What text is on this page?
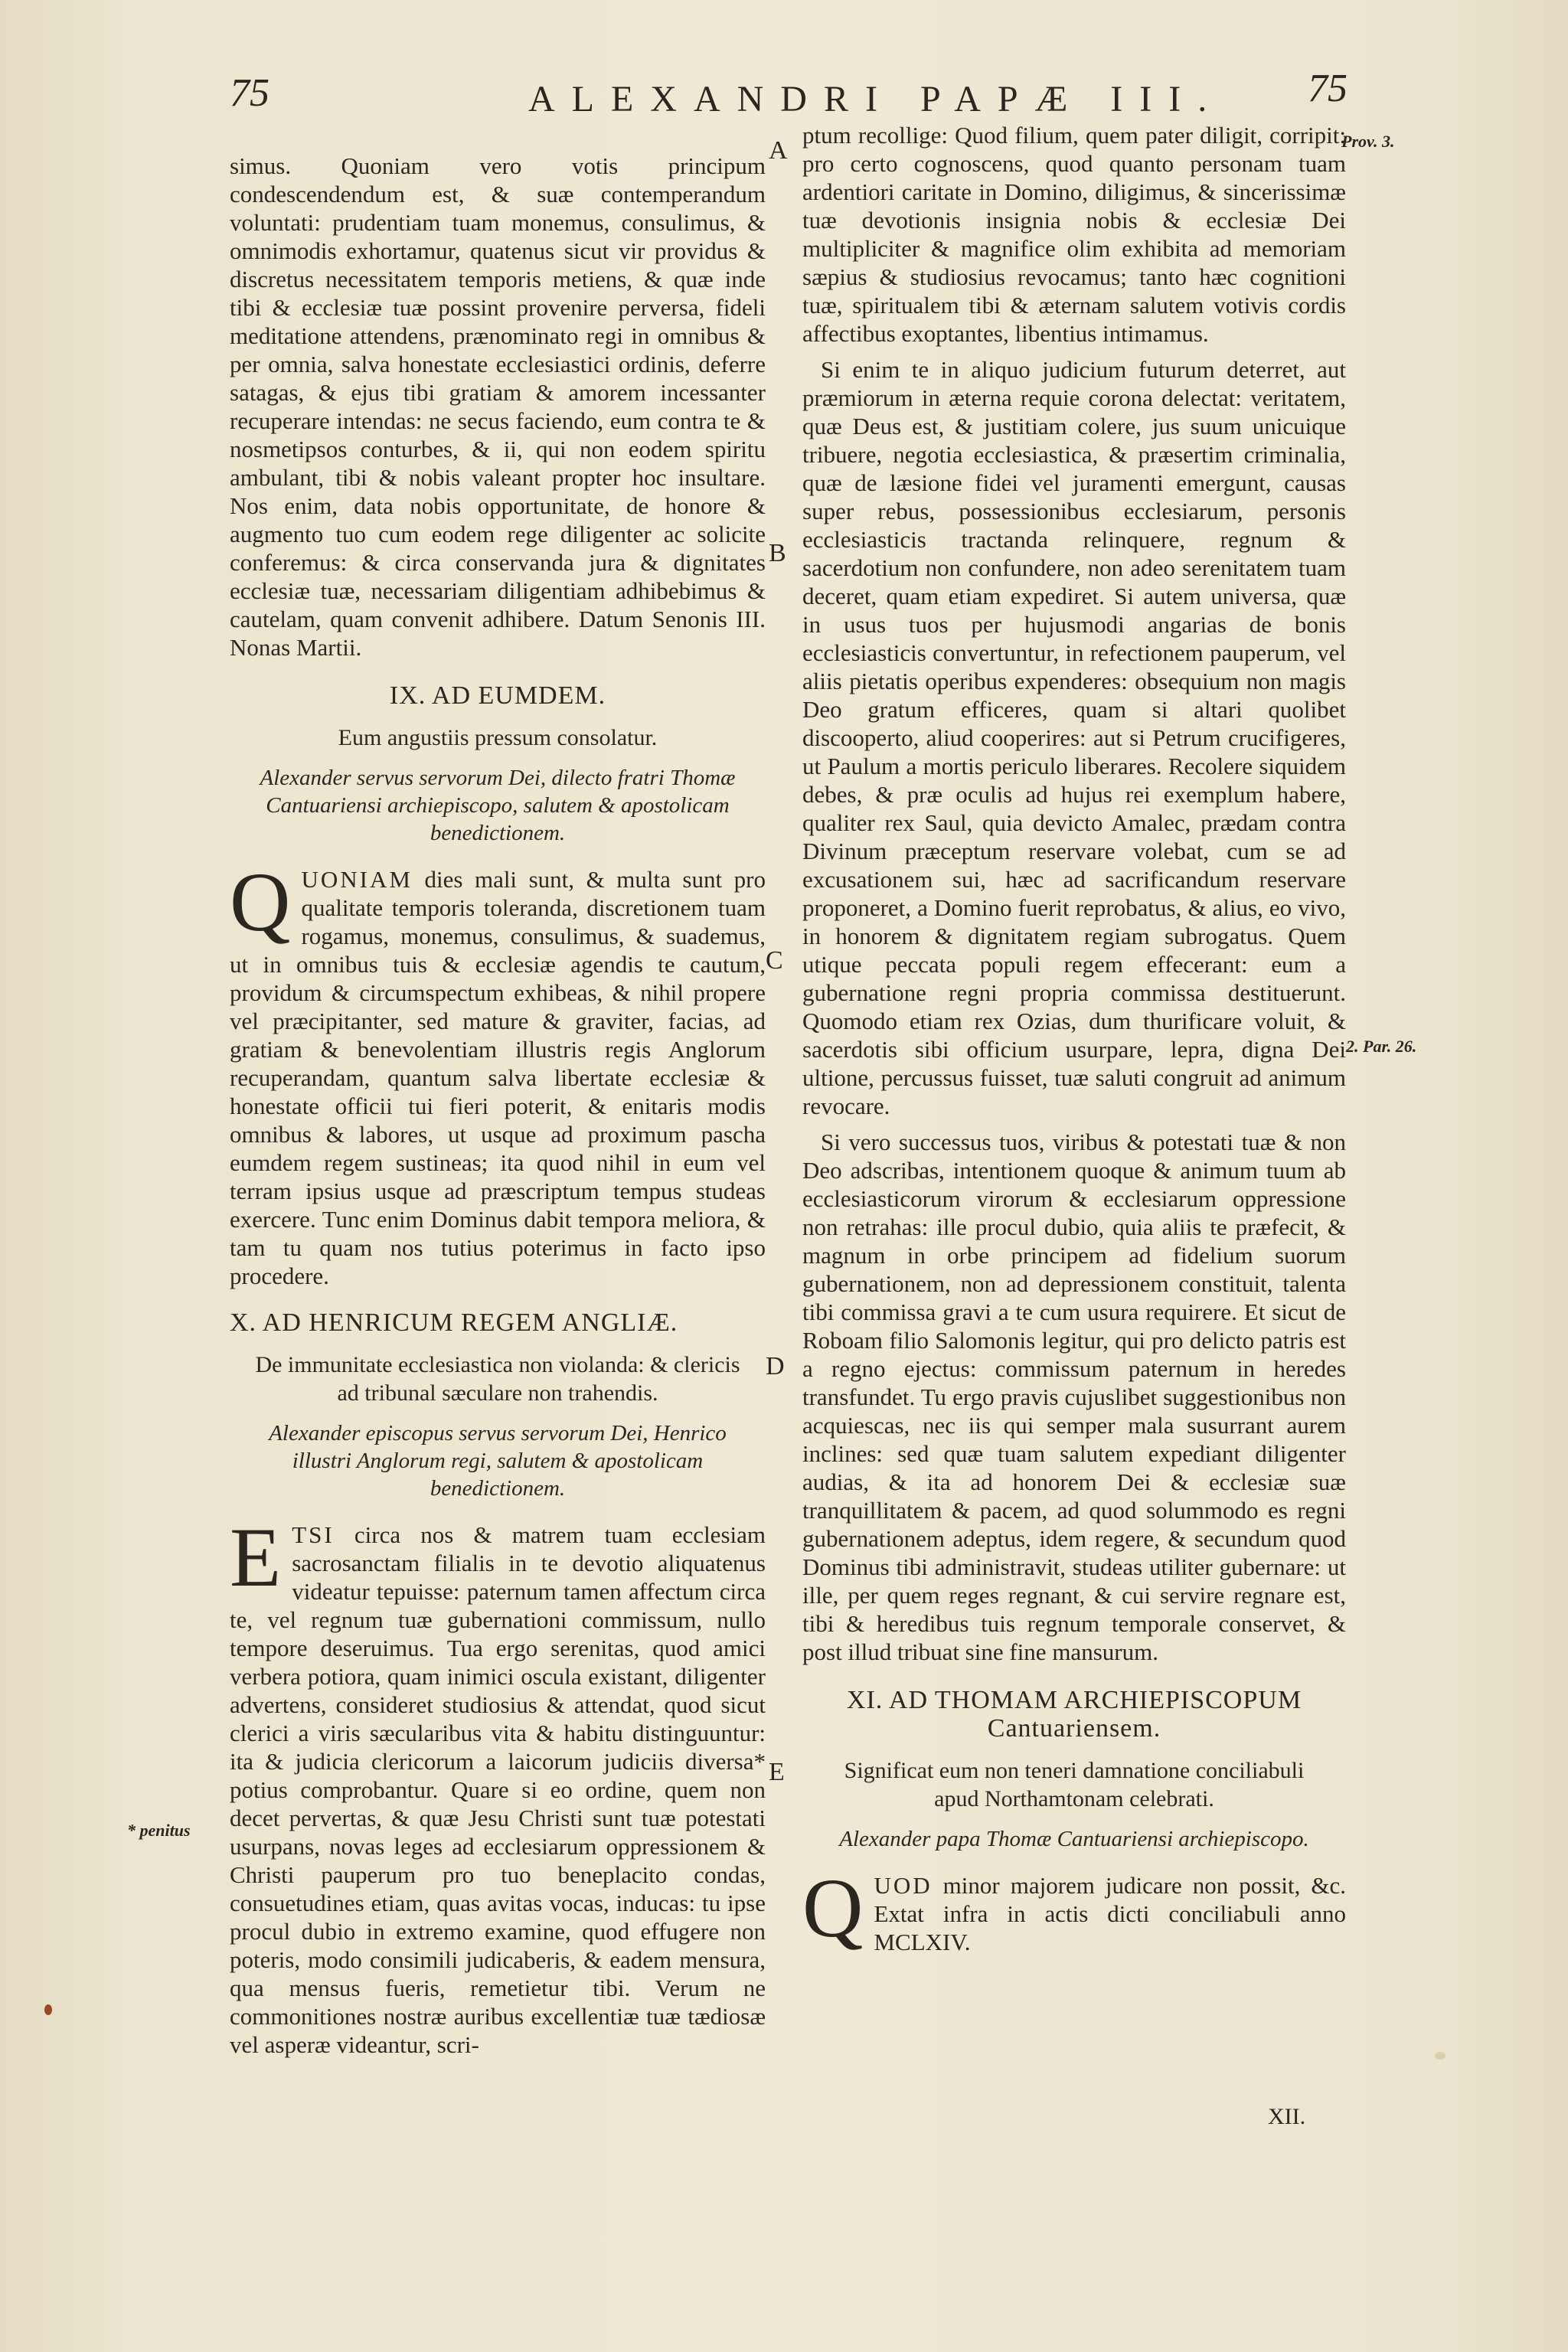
75	ALEXANDRI PAPÆ III. 75
A
B
C
D
E
Prov. 3.
2. Par. 26.
* penitus

simus. Quoniam vero votis principum condescendendum est, & suæ contemperandum voluntati: prudentiam tuam monemus, consulimus, & omnimodis exhortamur, quatenus sicut vir providus & discretus necessitatem temporis metiens, & quæ inde tibi & ecclesiæ tuæ possint provenire perversa, fideli meditatione attendens, prænominato regi in omnibus & per omnia, salva honestate ecclesiastici ordinis, deferre satagas, & ejus tibi gratiam & amorem incessanter recuperare intendas: ne secus faciendo, eum contra te & nosmetipsos conturbes, & ii, qui non eodem spiritu ambulant, tibi & nobis valeant propter hoc insultare. Nos enim, data nobis opportunitate, de honore & augmento tuo cum eodem rege diligenter ac solicite conferemus: & circa conservanda jura & dignitates ecclesiæ tuæ, necessariam diligentiam adhibebimus & cautelam, quam convenit adhibere. Datum Senonis III. Nonas Martii.

IX. AD EUMDEM.
Eum angustiis pressum consolatur.
Alexander servus servorum Dei, dilecto fratri Thomæ Cantuariensi archiepiscopo, salutem & apostolicam benedictionem.

QUONIAM dies mali sunt, & multa sunt pro qualitate temporis toleranda, discretionem tuam rogamus, monemus, consulimus, & suademus, ut in omnibus tuis & ecclesiæ agendis te cautum, providum & circumspectum exhibeas, & nihil propere vel præcipitanter, sed mature & graviter, facias, ad gratiam & benevolentiam illustris regis Anglorum recuperandam, quantum salva libertate ecclesiæ & honestate officii tui fieri poterit, & enitaris modis omnibus & labores, ut usque ad proximum pascha eumdem regem sustineas; ita quod nihil in eum vel terram ipsius usque ad præscriptum tempus studeas exercere. Tunc enim Dominus dabit tempora meliora, & tam tu quam nos tutius poterimus in facto ipso procedere.

X. AD HENRICUM REGEM ANGLIÆ.
De immunitate ecclesiastica non violanda: & clericis ad tribunal sæculare non trahendis.
Alexander episcopus servus servorum Dei, Henrico illustri Anglorum regi, salutem & apostolicam benedictionem.

ETSI circa nos & matrem tuam ecclesiam sacrosanctam filialis in te devotio aliquatenus videatur tepuisse: paternum tamen affectum circa te, vel regnum tuæ gubernationi commissum, nullo tempore deseruimus. Tua ergo serenitas, quod amici verbera potiora, quam inimici oscula existant, diligenter advertens, consideret studiosius & attendat, quod sicut clerici a viris sæcularibus vita & habitu distinguuntur: ita & judicia clericorum a laicorum judiciis diversa* potius comprobantur. Quare si eo ordine, quem non decet pervertas, & quæ Jesu Christi sunt tuæ potestati usurpans, novas leges ad ecclesiarum oppressionem & Christi pauperum pro tuo beneplacito condas, consuetudines etiam, quas avitas vocas, inducas: tu ipse procul dubio in extremo examine, quod effugere non poteris, modo consimili judicaberis, & eadem mensura, qua mensus fueris, remetietur tibi. Verum ne commonitiones nostræ auribus excellentiæ tuæ tædiosæ vel asperæ videantur, scri-

ptum recollige: Quod filium, quem pater diligit, corripit: pro certo cognoscens, quod quanto personam tuam ardentiori caritate in Domino, diligimus, & sincerissimæ tuæ devotionis insignia nobis & ecclesiæ Dei multipliciter & magnifice olim exhibita ad memoriam sæpius & studiosius revocamus; tanto hæc cognitioni tuæ, spiritualem tibi & æternam salutem votivis cordis affectibus exoptantes, libentius intimamus.

Si enim te in aliquo judicium futurum deterret, aut præmiorum in æterna requie corona delectat: veritatem, quæ Deus est, & justitiam colere, jus suum unicuique tribuere, negotia ecclesiastica, & præsertim criminalia, quæ de læsione fidei vel juramenti emergunt, causas super rebus, possessionibus ecclesiarum, personis ecclesiasticis tractanda relinquere, regnum & sacerdotium non confundere, non adeo serenitatem tuam deceret, quam etiam expediret. Si autem universa, quæ in usus tuos per hujusmodi angarias de bonis ecclesiasticis convertuntur, in refectionem pauperum, vel aliis pietatis operibus expenderes: obsequium non magis Deo gratum efficeres, quam si altari quolibet discooperto, aliud cooperires: aut si Petrum crucifigeres, ut Paulum a mortis periculo liberares. Recolere siquidem debes, & præ oculis ad hujus rei exemplum habere, qualiter rex Saul, quia devicto Amalec, prædam contra Divinum præceptum reservare volebat, cum se ad excusationem sui, hæc ad sacrificandum reservare proponeret, a Domino fuerit reprobatus, & alius, eo vivo, in honorem & dignitatem regiam subrogatus. Quem utique peccata populi regem effecerant: eum a gubernatione regni propria commissa destituerunt. Quomodo etiam rex Ozias, dum thurificare voluit, & sacerdotis sibi officium usurpare, lepra, digna Dei ultione, percussus fuisset, tuæ saluti congruit ad animum revocare.

Si vero successus tuos, viribus & potestati tuæ & non Deo adscribas, intentionem quoque & animum tuum ab ecclesiasticorum virorum & ecclesiarum oppressione non retrahas: ille procul dubio, quia aliis te præfecit, & magnum in orbe principem ad fidelium suorum gubernationem, non ad depressionem constituit, talenta tibi commissa gravi a te cum usura requirere. Et sicut de Roboam filio Salomonis legitur, qui pro delicto patris est a regno ejectus: commissum paternum in heredes transfundet. Tu ergo pravis cujuslibet suggestionibus non acquiescas, nec iis qui semper mala susurrant aurem inclines: sed quæ tuam salutem expediant diligenter audias, & ita ad honorem Dei & ecclesiæ suæ tranquillitatem & pacem, ad quod solummodo es regni gubernationem adeptus, idem regere, & secundum quod Dominus tibi administravit, studeas utiliter gubernare: ut ille, per quem reges regnant, & cui servire regnare est, tibi & heredibus tuis regnum temporale conservet, & post illud tribuat sine fine mansurum.

XI. AD THOMAM ARCHIEPISCOPUM Cantuariensem.
Significat eum non teneri damnatione conciliabuli apud Northamtonam celebrati.
Alexander papa Thomæ Cantuariensi archiepiscopo.

QUOD minor majorem judicare non possit, &c. Extat infra in actis dicti conciliabuli anno MCLXIV.

XII.
